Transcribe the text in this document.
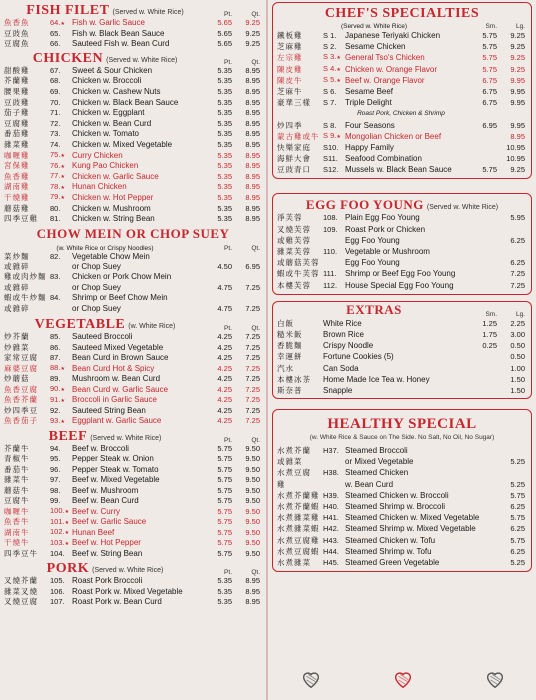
FISH FILET (Served w. White Rice)	Pt.	Qt.
魚香魚	64.★ Fish w. Garlic Sauce	5.65	9.25
豆豉魚	65.	Fish w. Black Bean Sauce	5.65	9.25
豆腐魚	66.	Sauteed Fish w. Bean Curd	5.65	9.25
CHICKEN (Served w. White Rice)	Pt.	Qt.
甜酸雞	67.	Sweet & Sour Chicken	5.35	8.95
芥蘭雞	68.	Chicken w. Broccoli	5.35	8.95
腰果雞	69.	Chicken w. Cashew Nuts	5.35	8.95
豆豉雞	70.	Chicken w. Black Bean Sauce	5.35	8.95
茄子雞	71.	Chicken w. Eggplant	5.35	8.95
豆腐雞	72.	Chicken w. Bean Curd	5.35	8.95
番茄雞	73.	Chicken w. Tomato	5.35	8.95
雜菜雞	74.	Chicken w. Mixed Vegetable	5.35	8.95
咖喱雞	75.★ Curry Chicken	5.35	8.95
宮保雞	76.★ Kung Pao Chicken	5.35	8.95
魚香雞	77.★ Chicken w. Garlic Sauce	5.35	8.95
湖南雞	78.★ Hunan Chicken	5.35	8.95
干燒雞	79.★ Chicken w. Hot Pepper	5.35	8.95
蘑菇雞	80.	Chicken w. Mushroom	5.35	8.95
四季豆雞	81.	Chicken w. String Bean	5.35	8.95
CHOW MEIN OR CHOP SUEY
(w. White Rice or Crispy Noodles)	Pt.	Qt.
菜炒麵	82.	Vegetable Chow Mein
或雜碎	or Chop Suey	4.50	6.95
雞或肉炒麵 83.	Chicken or Pork Chow Mein
或雜碎	or Chop Suey	4.75	7.25
蝦或牛炒麵 84.	Shrimp or Beef Chow Mein
或雜碎	or Chop Suey	4.75	7.25
VEGETABLE (w. White Rice)	Pt.	Qt.
炒芥蘭	85.	Sauteed Broccoli	4.25	7.25
炒雜菜	86.	Sauteed Mixed Vegetable	4.25	7.25
家常豆腐	87.	Bean Curd in Brown Sauce	4.25	7.25
麻婆豆腐	88.★ Bean Curd Hot & Spicy	4.25	7.25
炒蘑菇	89.	Mushroom w. Bean Curd	4.25	7.25
魚香豆腐	90.★ Bean Curd w. Garlic Sauce	4.25	7.25
魚香芥蘭	91.★ Broccoli in Garlic Sauce	4.25	7.25
炒四季豆	92.	Sauteed String Bean	4.25	7.25
魚香茄子	93.★ Eggplant w. Garlic Sauce	4.25	7.25
BEEF (Served w. White Rice)	Pt.	Qt.
芥蘭牛	94.	Beef w. Broccoli	5.75	9.50
青椒牛	95.	Pepper Steak w. Onion	5.75	9.50
番茄牛	96.	Pepper Steak w. Tomato	5.75	9.50
雜菜牛	97.	Beef w. Mixed Vegetable	5.75	9.50
蘑菇牛	98.	Beef w. Mushroom	5.75	9.50
豆腐牛	99.	Beef w. Bean Curd	5.75	9.50
咖喱牛	100.★ Beef w. Curry	5.75	9.50
魚香牛	101.★ Beef w. Garlic Sauce	5.75	9.50
湖南牛	102.★ Hunan Beef	5.75	9.50
干燒牛	103.★ Beef w. Hot Pepper	5.75	9.50
四季豆牛	104. Beef w. String Bean	5.75	9.50
PORK (Served w. White Rice)	Pt.	Qt.
叉燒芥蘭	105. Roast Pork Broccoli	5.35	8.95
雜菜叉燒	106. Roast Pork w. Mixed Vegetable	5.35	8.95
叉燒豆腐	107. Roast Pork w. Bean Curd	5.35	8.95
CHEF'S SPECIALTIES
(Served w. White Rice)	Sm.	Lg.
鐵板雞	S 1.	Japanese Teriyaki Chicken	5.75	9.25
芝麻雞	S 2.	Sesame Chicken	5.75	9.25
左宗雞	S 3.★ General Tso's Chicken	5.75	9.25
陳皮雞	S 4.★ Chicken w. Orange Flavor	5.75	9.25
陳皮牛	S 5.★ Beef w. Orange Flavor	6.75	9.95
芝麻牛	S 6.	Sesame Beef	6.75	9.95
豪華三樣	S 7.	Triple Delight	6.75	9.95
Roast Pork, Chicken & Shrimp
炒四季	S 8.	Four Seasons	6.95	9.95
蒙古雞或牛 S 9.★ Mongolian Chicken or Beef	8.95
快樂家庭	S10. Happy Family	10.95
海鮮大會	S11. Seafood Combination	10.95
豆豉青口	S12. Mussels w. Black Bean Sauce	5.75	9.25
EGG FOO YOUNG (Served w. White Rice)
淨芙蓉	108. Plain Egg Foo Young	5.95
叉燒芙蓉	109. Roast Pork or Chicken
或雞芙蓉	Egg Foo Young	6.25
雜菜芙蓉	110. Vegetable or Mushroom
或蘑菇芙蓉	Egg Foo Young	6.25
蝦或牛芙蓉 111.	Shrimp or Beef Egg Foo Young	7.25
本樓芙蓉	112. House Special Egg Foo Young	7.25
EXTRAS	Sm.	Lg.
白飯	White Rice	1.25	2.25
糙米飯	Brown Rice	1.75	3.00
香脆麵	Crispy Noodle	0.25	0.50
幸運餅	Fortune Cookies (5)	0.50
汽水	Can Soda	1.00
本樓冰茶	Home Made Ice Tea w. Honey	1.50
斯奈普	Snapple	1.50
HEALTHY SPECIAL
(w. White Rice & Sauce on The Side. No Salt, No Oil, No Sugar)
水煮芥蘭	H37. Steamed Broccoli
或雜菜	or Mixed Vegetable	5.25
水煮豆腐	H38. Steamed Chicken
雞	w. Bean Curd	5.25
水煮芥蘭雞 H39. Steamed Chicken w. Broccoli	5.75
水煮芥蘭蝦 H40. Steamed Shrimp w. Broccoli	6.25
水煮雜菜雞 H41. Steamed Chicken w. Mixed Vegetable	5.75
水煮雜菜蝦 H42. Steamed Shrimp w. Mixed Vegetable	6.25
水煮豆腐雞 H43. Steamed Chicken w. Tofu	5.75
水煮豆腐蝦 H44. Steamed Shrimp w. Tofu	6.25
水煮雜菜	H45. Steamed Green Vegetable	5.25
